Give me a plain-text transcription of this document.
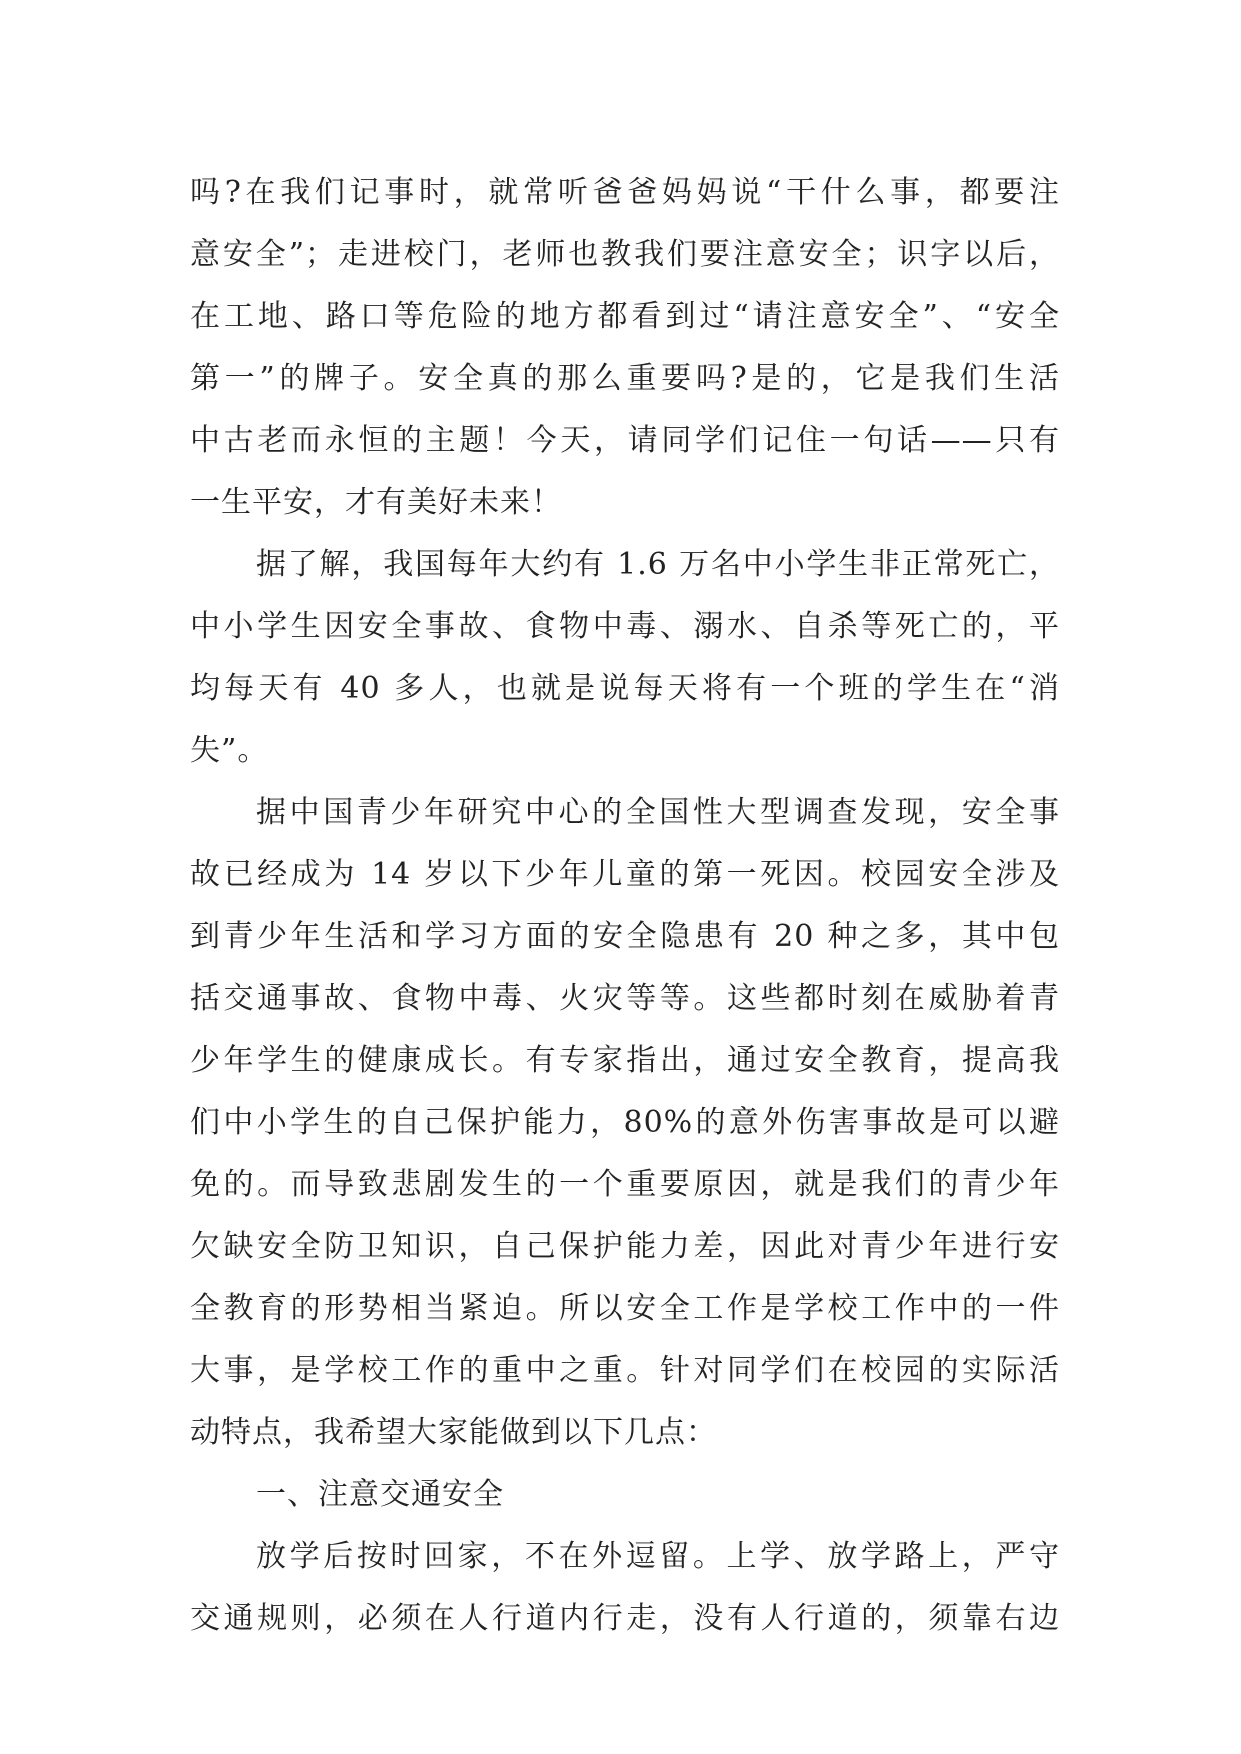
吗?在我们记事时，就常听爸爸妈妈说“干什么事，都要注
意安全”；走进校门，老师也教我们要注意安全；识字以后，
在工地、路口等危险的地方都看到过“请注意安全”、“安全
第一”的牌子。安全真的那么重要吗?是的，它是我们生活
中古老而永恒的主题！今天，请同学们记住一句话——只有
一生平安，才有美好未来！
据了解，我国每年大约有 1.6 万名中小学生非正常死亡，
中小学生因安全事故、食物中毒、溺水、自杀等死亡的，平
均每天有 40 多人，也就是说每天将有一个班的学生在“消
失”。
据中国青少年研究中心的全国性大型调查发现，安全事
故已经成为 14 岁以下少年儿童的第一死因。校园安全涉及
到青少年生活和学习方面的安全隐患有 20 种之多，其中包
括交通事故、食物中毒、火灾等等。这些都时刻在威胁着青
少年学生的健康成长。有专家指出，通过安全教育，提高我
们中小学生的自己保护能力，80%的意外伤害事故是可以避
免的。而导致悲剧发生的一个重要原因，就是我们的青少年
欠缺安全防卫知识，自己保护能力差，因此对青少年进行安
全教育的形势相当紧迫。所以安全工作是学校工作中的一件
大事，是学校工作的重中之重。针对同学们在校园的实际活
动特点，我希望大家能做到以下几点：
一、注意交通安全
放学后按时回家，不在外逗留。上学、放学路上，严守
交通规则，必须在人行道内行走，没有人行道的，须靠右边
